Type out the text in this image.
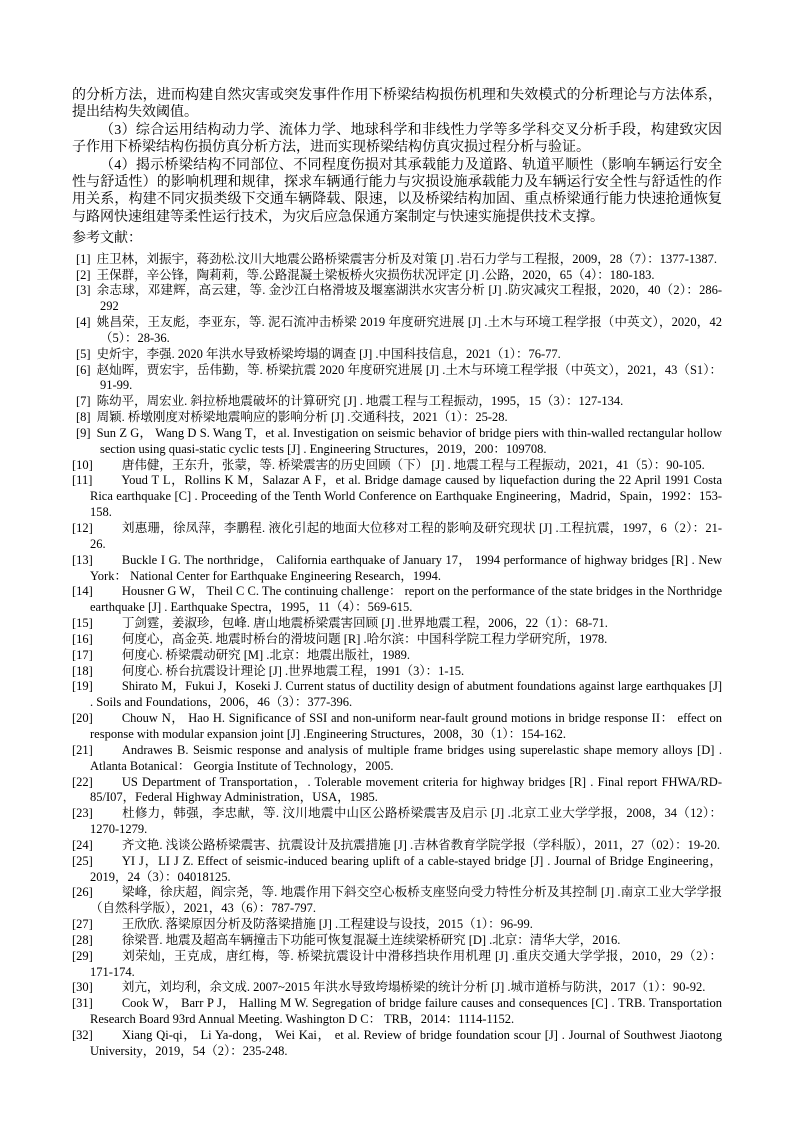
的分析方法，进而构建自然灾害或突发事件作用下桥梁结构损伤机理和失效模式的分析理论与方法体系，提出结构失效阈值。

（3）综合运用结构动力学、流体力学、地球科学和非线性力学等多学科交叉分析手段，构建致灾因子作用下桥梁结构伤损仿真分析方法，进而实现桥梁结构仿真灾损过程分析与验证。

（4）揭示桥梁结构不同部位、不同程度伤损对其承载能力及道路、轨道平顺性（影响车辆运行安全性与舒适性）的影响机理和规律，探求车辆通行能力与灾损设施承载能力及车辆运行安全性与舒适性的作用关系，构建不同灾损类级下交通车辆降载、限速，以及桥梁结构加固、重点桥梁通行能力快速抢通恢复与路网快速组建等柔性运行技术，为灾后应急保通方案制定与快速实施提供技术支撑。

参考文献：

[1] 庄卫林，刘振宇，蒋劲松.汶川大地震公路桥梁震害分析及对策 [J] .岩石力学与工程报，2009，28（7）：1377-1387.
[2] 王保群，辛公锋，陶莉莉，等.公路混凝土梁板桥火灾损伤状况评定 [J] .公路，2020，65（4）：180-183.
[3] 余志球，邓建辉，高云建，等. 金沙江白格滑坡及堰塞湖洪水灾害分析 [J] .防灾减灾工程报，2020，40（2）：286-292
[4] 姚昌荣，王友彪，李亚东，等. 泥石流冲击桥梁 2019 年度研究进展 [J] .土木与环境工程学报（中英文），2020，42（5）：28-36.
[5] 史炘宇，李强. 2020 年洪水导致桥梁垮塌的调查 [J] .中国科技信息，2021（1）：76-77.
[6] 赵灿晖，贾宏宇，岳伟勤，等. 桥梁抗震 2020 年度研究进展 [J] .土木与环境工程学报（中英文），2021，43（S1）：91-99.
[7] 陈幼平，周宏业. 斜拉桥地震破坏的计算研究 [J] . 地震工程与工程振动，1995，15（3）：127-134.
[8] 周颖. 桥墩刚度对桥梁地震响应的影响分析 [J] .交通科技，2021（1）：25-28.
[9] Sun Z G， Wang D S. Wang T，et al. Investigation on seismic behavior of bridge piers with thin-walled rectangular hollow section using quasi-static cyclic tests [J] . Engineering Structures，2019，200：109708.
[10] 唐伟健，王东升，张蒙，等. 桥梁震害的历史回顾（下） [J] . 地震工程与工程振动，2021，41（5）：90-105.
[11] Youd T L，Rollins K M，Salazar A F，et al. Bridge damage caused by liquefaction during the 22 April 1991 Costa Rica earthquake [C] . Proceeding of the Tenth World Conference on Earthquake Engineering，Madrid，Spain，1992：153-158.
[12] 刘惠珊，徐凤萍，李鹏程. 液化引起的地面大位移对工程的影响及研究现状 [J] .工程抗震，1997，6（2）：21-26.
[13] Buckle I G. The northridge， California earthquake of January 17， 1994 performance of highway bridges [R] . New York： National Center for Earthquake Engineering Research，1994.
[14] Housner G W， Theil C C. The continuing challenge： report on the performance of the state bridges in the Northridge earthquake [J] . Earthquake Spectra，1995，11（4）：569-615.
[15] 丁剑霆，姜淑珍，包峰. 唐山地震桥梁震害回顾 [J] .世界地震工程，2006，22（1）：68-71.
[16] 何度心，高金英. 地震时桥台的滑坡问题 [R] .哈尔滨：中国科学院工程力学研究所，1978.
[17] 何度心. 桥梁震动研究 [M] .北京：地震出版社，1989.
[18] 何度心. 桥台抗震设计理论 [J] .世界地震工程，1991（3）：1-15.
[19] Shirato M，Fukui J，Koseki J. Current status of ductility design of abutment foundations against large earthquakes [J] . Soils and Foundations，2006，46（3）：377-396.
[20] Chouw N， Hao H. Significance of SSI and non-uniform near-fault ground motions in bridge response II： effect on response with modular expansion joint [J] .Engineering Structures，2008，30（1）：154-162.
[21] Andrawes B. Seismic response and analysis of multiple frame bridges using superelastic shape memory alloys [D] . Atlanta Botanical： Georgia Institute of Technology，2005.
[22] US Department of Transportation，. Tolerable movement criteria for highway bridges [R] . Final report FHWA/RD-85/I07，Federal Highway Administration，USA，1985.
[23] 杜修力，韩强，李忠献，等. 汶川地震中山区公路桥梁震害及启示 [J] .北京工业大学学报，2008，34（12）：1270-1279.
[24] 齐文艳. 浅谈公路桥梁震害、抗震设计及抗震措施 [J] .吉林省教育学院学报（学科版），2011，27（02）：19-20.
[25] YI J，LI J Z. Effect of seismic-induced bearing uplift of a cable-stayed bridge [J] . Journal of Bridge Engineering，2019，24（3）：04018125.
[26] 梁峰，徐庆超，阎宗尧，等. 地震作用下斜交空心板桥支座竖向受力特性分析及其控制 [J] .南京工业大学学报（自然科学版），2021，43（6）：787-797.
[27] 王欣欣. 落梁原因分析及防落梁措施 [J] .工程建设与设技，2015（1）：96-99.
[28] 徐梁晋. 地震及超高车辆撞击下功能可恢复混凝土连续梁桥研究 [D] .北京：清华大学，2016.
[29] 刘荣灿，王克成，唐红梅，等. 桥梁抗震设计中滑移挡块作用机理 [J] .重庆交通大学学报，2010，29（2）：171-174.
[30] 刘亢，刘均利，余文成. 2007~2015 年洪水导致垮塌桥梁的统计分析 [J] .城市道桥与防洪，2017（1）：90-92.
[31] Cook W， Barr P J， Halling M W. Segregation of bridge failure causes and consequences [C] . TRB. Transportation Research Board 93rd Annual Meeting. Washington D C： TRB，2014：1114-1152.
[32] Xiang Qi-qi， Li Ya-dong， Wei Kai， et al. Review of bridge foundation scour [J] . Journal of Southwest Jiaotong University，2019，54（2）：235-248.
